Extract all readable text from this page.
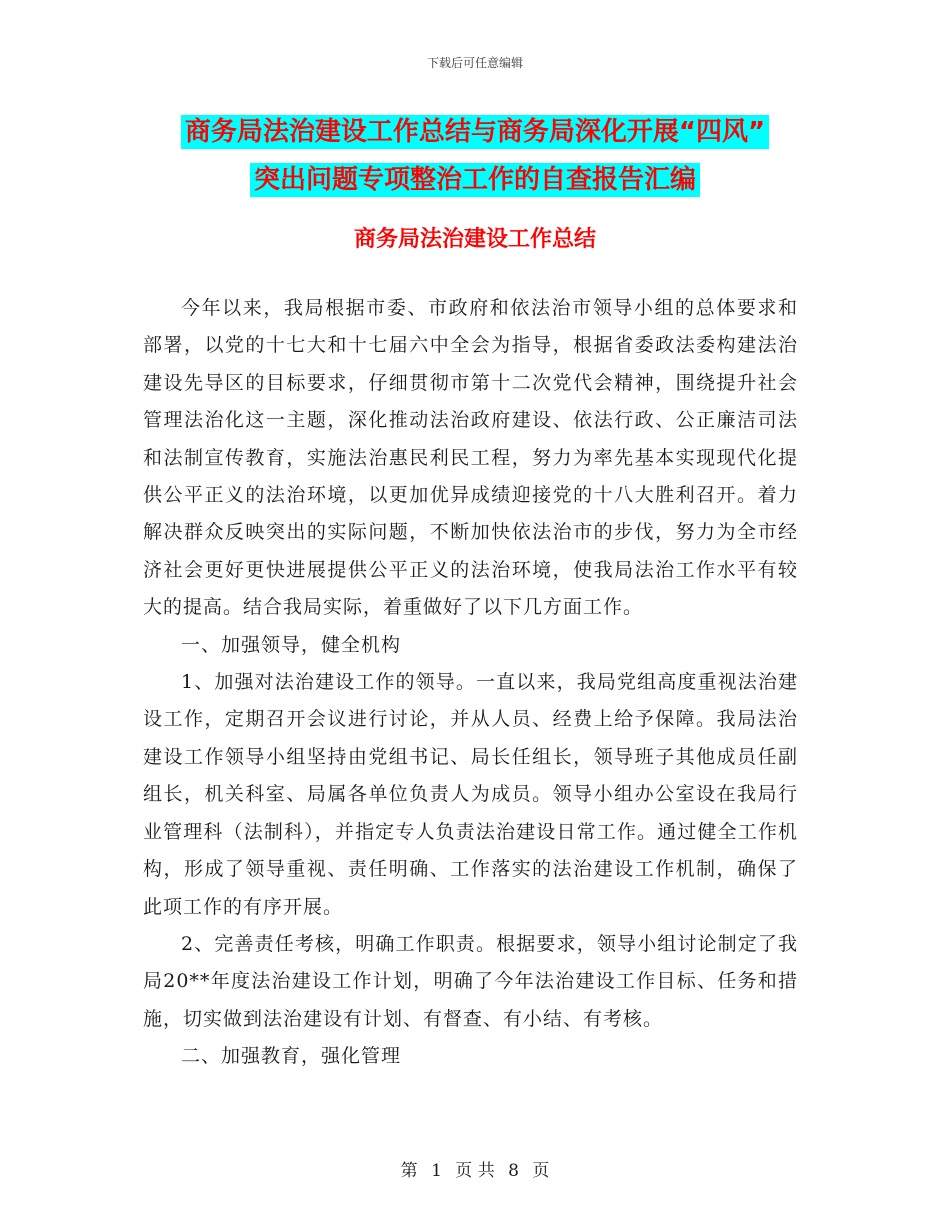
下载后可任意编辑
商务局法治建设工作总结与商务局深化开展“四风”
突出问题专项整治工作的自查报告汇编
商务局法治建设工作总结

今年以来，我局根据市委、市政府和依法治市领导小组的总体要求和部署，以党的十七大和十七届六中全会为指导，根据省委政法委构建法治建设先导区的目标要求，仔细贯彻市第十二次党代会精神，围绕提升社会管理法治化这一主题，深化推动法治政府建设、依法行政、公正廉洁司法和法制宣传教育，实施法治惠民利民工程，努力为率先基本实现现代化提供公平正义的法治环境，以更加优异成绩迎接党的十八大胜利召开。着力解决群众反映突出的实际问题，不断加快依法治市的步伐，努力为全市经济社会更好更快进展提供公平正义的法治环境，使我局法治工作水平有较大的提高。结合我局实际，着重做好了以下几方面工作。

一、加强领导，健全机构

1、加强对法治建设工作的领导。一直以来，我局党组高度重视法治建设工作，定期召开会议进行讨论，并从人员、经费上给予保障。我局法治建设工作领导小组坚持由党组书记、局长任组长，领导班子其他成员任副组长，机关科室、局属各单位负责人为成员。领导小组办公室设在我局行业管理科（法制科），并指定专人负责法治建设日常工作。通过健全工作机构，形成了领导重视、责任明确、工作落实的法治建设工作机制，确保了此项工作的有序开展。

2、完善责任考核，明确工作职责。根据要求，领导小组讨论制定了我局20**年度法治建设工作计划，明确了今年法治建设工作目标、任务和措施，切实做到法治建设有计划、有督查、有小结、有考核。

二、加强教育，强化管理

第 1 页 共 8 页
